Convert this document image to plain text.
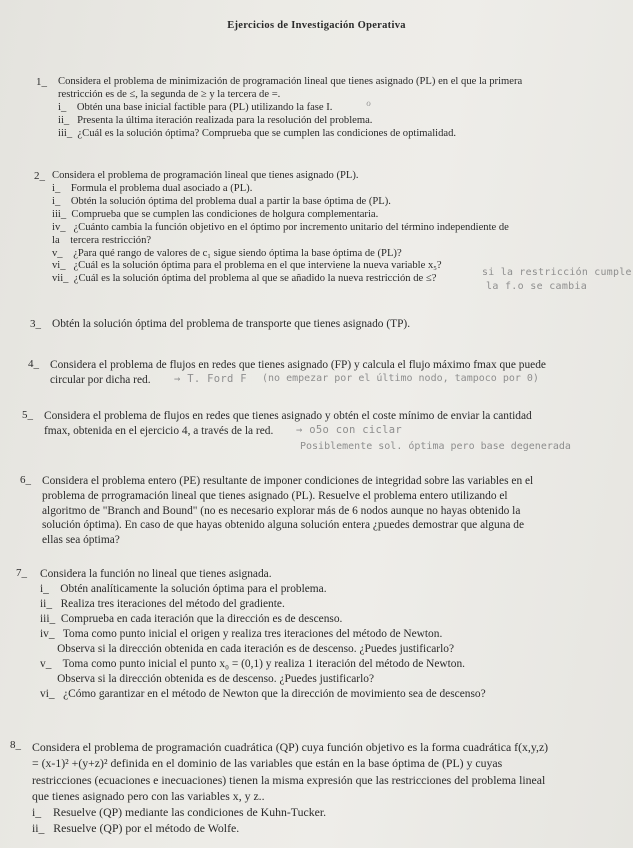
Ejercicios de Investigación Operativa
1_ Considera el problema de minimización de programación lineal que tienes asignado (PL) en el que la primera
restricción es de ≤, la segunda de ≥ y la tercera de =.
i_    Obtén una base inicial factible para (PL) utilizando la fase I.
ii_   Presenta la última iteración realizada para la resolución del problema.
iii_  ¿Cuál es la solución óptima? Comprueba que se cumplen las condiciones de optimalidad.
ℴ
2_ Considera el problema de programación lineal que tienes asignado (PL).
i_    Formula el problema dual asociado a (PL).
i_    Obtén la solución óptima del problema dual a partir la base óptima de (PL).
iii_  Comprueba que se cumplen las condiciones de holgura complementaria.
iv_   ¿Cuánto cambia la función objetivo en el óptimo por incremento unitario del término independiente de
la    tercera restricción?
v_    ¿Para qué rango de valores de c₁ sigue siendo óptima la base óptima de (PL)?
vi_   ¿Cuál es la solución óptima para el problema en el que interviene la nueva variable x₅?
vii_  ¿Cuál es la solución óptima del problema al que se añadido la nueva restricción de ≤?
si la restricción cumple
la f.o se cambia
3_ Obtén la solución óptima del problema de transporte que tienes asignado (TP).
4_ Considera el problema de flujos en redes que tienes asignado (FP) y calcula el flujo máximo fmax que puede
circular por dicha red.	→ T. Ford F (no empezar por el último nodo, tampoco por 0)
5_ Considera el problema de flujos en redes que tienes asignado y obtén el coste mínimo de enviar la cantidad
fmax, obtenida en el ejercicio 4, a través de la red.	→ o5o con ciclar
Posiblemente sol. óptima pero base degenerada
6_ Considera el problema entero (PE) resultante de imponer condiciones de integridad sobre las variables en el
problema de prrogramación lineal que tienes asignado (PL). Resuelve el problema entero utilizando el
algoritmo de "Branch and Bound" (no es necesario explorar más de 6 nodos aunque no hayas obtenido la
solución óptima). En caso de que hayas obtenido alguna solución entera ¿puedes demostrar que alguna de
ellas sea óptima?
7_ Considera la función no lineal que tienes asignada.
i_    Obtén analíticamente la solución óptima para el problema.
ii_   Realiza tres iteraciones del método del gradiente.
iii_  Comprueba en cada iteración que la dirección es de descenso.
iv_   Toma como punto inicial el origen y realiza tres iteraciones del método de Newton.
Observa si la dirección obtenida en cada iteración es de descenso. ¿Puedes justificarlo?
v_    Toma como punto inicial el punto x₀ = (0,1) y realiza 1 iteración del método de Newton.
Observa si la dirección obtenida es de descenso. ¿Puedes justificarlo?
vi_   ¿Cómo garantizar en el método de Newton que la dirección de movimiento sea de descenso?
8_ Considera el problema de programación cuadrática (QP) cuya función objetivo es la forma cuadrática f(x,y,z)
= (x-1)² +(y+z)² definida en el dominio de las variables que están en la base óptima de (PL) y cuyas
restricciones (ecuaciones e inecuaciones) tienen la misma expresión que las restricciones del problema lineal
que tienes asignado pero con las variables x, y z..
i_    Resuelve (QP) mediante las condiciones de Kuhn-Tucker.
ii_   Resuelve (QP) por el método de Wolfe.
